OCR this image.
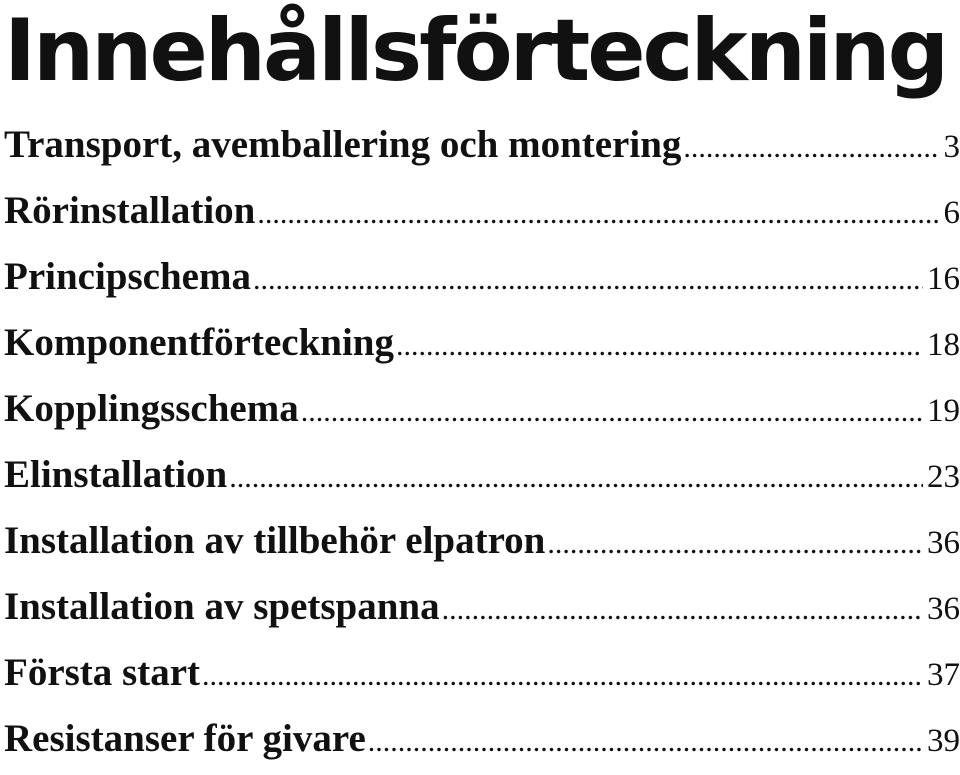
Innehållsförteckning
Transport, avemballering och montering .....	3
Rörinstallation .....	6
Principschema .....	16
Komponentförteckning .....	18
Kopplingsschema .....	19
Elinstallation .....	23
Installation av tillbehör elpatron .....	36
Installation av spetspanna .....	36
Första start .....	37
Resistanser för givare .....	39
